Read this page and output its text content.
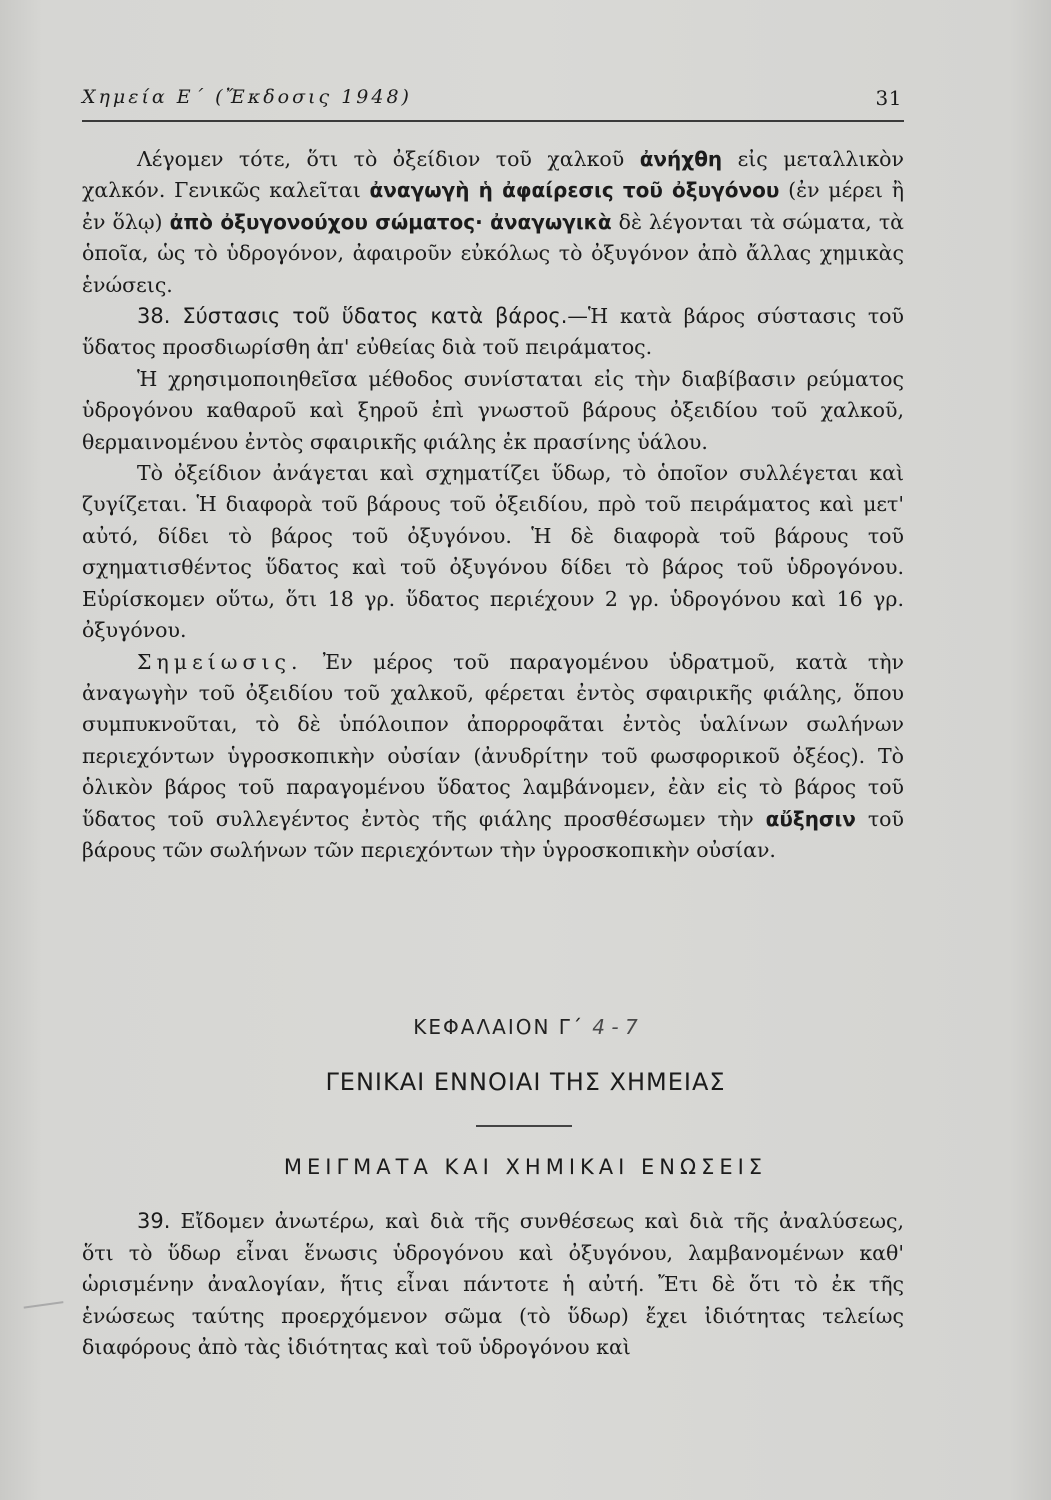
Χημεία Ε΄ (Ἔκδοσις 1948)	31

Λέγομεν τότε, ὅτι τὸ ὀξείδιον τοῦ χαλκοῦ ἀνήχθη εἰς μεταλλικὸν χαλκόν. Γενικῶς καλεῖται ἀναγωγὴ ἡ ἀφαίρεσις τοῦ ὀξυγόνου (ἐν μέρει ἢ ἐν ὅλῳ) ἀπὸ ὀξυγονούχου σώματος· ἀναγωγικὰ δὲ λέγονται τὰ σώματα, τὰ ὁποῖα, ὡς τὸ ὑδρογόνον, ἀφαιροῦν εὐκόλως τὸ ὀξυγόνον ἀπὸ ἄλλας χημικὰς ἑνώσεις.

38. Σύστασις τοῦ ὕδατος κατὰ βάρος.—Ἡ κατὰ βάρος σύστασις τοῦ ὕδατος προσδιωρίσθη ἀπ' εὐθείας διὰ τοῦ πειράματος.

Ἡ χρησιμοποιηθεῖσα μέθοδος συνίσταται εἰς τὴν διαβίβασιν ρεύματος ὑδρογόνου καθαροῦ καὶ ξηροῦ ἐπὶ γνωστοῦ βάρους ὀξειδίου τοῦ χαλκοῦ, θερμαινομένου ἐντὸς σφαιρικῆς φιάλης ἐκ πρασίνης ὑάλου.

Τὸ ὀξείδιον ἀνάγεται καὶ σχηματίζει ὕδωρ, τὸ ὁποῖον συλλέγεται καὶ ζυγίζεται. Ἡ διαφορὰ τοῦ βάρους τοῦ ὀξειδίου, πρὸ τοῦ πειράματος καὶ μετ' αὐτό, δίδει τὸ βάρος τοῦ ὀξυγόνου. Ἡ δὲ διαφορὰ τοῦ βάρους τοῦ σχηματισθέντος ὕδατος καὶ τοῦ ὀξυγόνου δίδει τὸ βάρος τοῦ ὑδρογόνου. Εὑρίσκομεν οὕτω, ὅτι 18 γρ. ὕδατος περιέχουν 2 γρ. ὑδρογόνου καὶ 16 γρ. ὀξυγόνου.

Σημείωσις. Ἐν μέρος τοῦ παραγομένου ὑδρατμοῦ, κατὰ τὴν ἀναγωγὴν τοῦ ὀξειδίου τοῦ χαλκοῦ, φέρεται ἐντὸς σφαιρικῆς φιάλης, ὅπου συμπυκνοῦται, τὸ δὲ ὑπόλοιπον ἀπορροφᾶται ἐντὸς ὑαλίνων σωλήνων περιεχόντων ὑγροσκοπικὴν οὐσίαν (ἀνυδρίτην τοῦ φωσφορικοῦ ὀξέος). Τὸ ὁλικὸν βάρος τοῦ παραγομένου ὕδατος λαμβάνομεν, ἐὰν εἰς τὸ βάρος τοῦ ὕδατος τοῦ συλλεγέντος ἐντὸς τῆς φιάλης προσθέσωμεν τὴν αὔξησιν τοῦ βάρους τῶν σωλήνων τῶν περιεχόντων τὴν ὑγροσκοπικὴν οὐσίαν.

ΚΕΦΑΛΑΙΟΝ Γ΄ 4 - 7
ΓΕΝΙΚΑΙ ΕΝΝΟΙΑΙ ΤΗΣ ΧΗΜΕΙΑΣ
ΜΕΙΓΜΑΤΑ ΚΑΙ ΧΗΜΙΚΑΙ ΕΝΩΣΕΙΣ

39. Εἴδομεν ἀνωτέρω, καὶ διὰ τῆς συνθέσεως καὶ διὰ τῆς ἀναλύσεως, ὅτι τὸ ὕδωρ εἶναι ἕνωσις ὑδρογόνου καὶ ὀξυγόνου, λαμβανομένων καθ' ὡρισμένην ἀναλογίαν, ἥτις εἶναι πάντοτε ἡ αὐτή. Ἔτι δὲ ὅτι τὸ ἐκ τῆς ἑνώσεως ταύτης προερχόμενον σῶμα (τὸ ὕδωρ) ἔχει ἰδιότητας τελείως διαφόρους ἀπὸ τὰς ἰδιότητας καὶ τοῦ ὑδρογόνου καὶ
